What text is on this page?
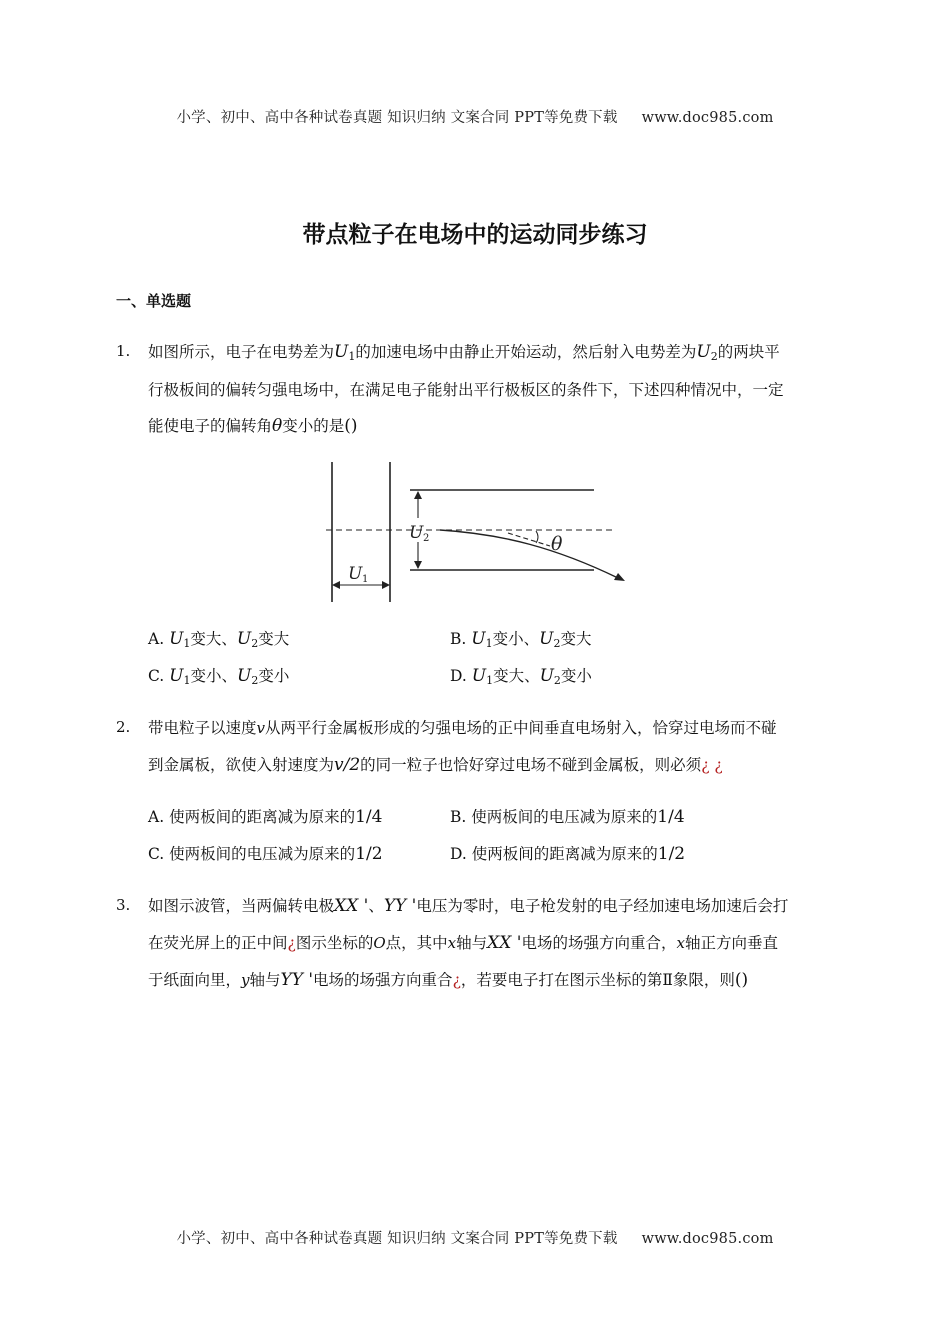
小学、初中、高中各种试卷真题 知识归纳 文案合同 PPT等免费下载 www.doc985.com
带点粒子在电场中的运动同步练习
一、单选题
1. 如图所示，电子在电势差为$U_1$的加速电场中由静止开始运动，然后射入电势差为$U_2$的两块平
行极板间的偏转匀强电场中，在满足电子能射出平行极板区的条件下，下述四种情况中，一定
能使电子的偏转角θ变小的是()
U 2	θ
U 1
A. $U_1$变大、$U_2$变大	B. $U_1$变小、$U_2$变大
C. $U_1$变小、$U_2$变小	D. $U_1$变大、$U_2$变小
2. 带电粒子以速度v从两平行金属板形成的匀强电场的正中间垂直电场射入，恰穿过电场而不碰
到金属板，欲使入射速度为v/2的同一粒子也恰好穿过电场不碰到金属板，则必须¿ ¿
A. 使两板间的距离减为原来的1/4	B. 使两板间的电压减为原来的1/4
C. 使两板间的电压减为原来的1/2	D. 使两板间的距离减为原来的1/2
3. 如图示波管，当两偏转电极XX '、YY '电压为零时，电子枪发射的电子经加速电场加速后会打
在荧光屏上的正中间¿图示坐标的O点，其中x轴与XX '电场的场强方向重合，x轴正方向垂直
于纸面向里，y轴与YY '电场的场强方向重合¿，若要电子打在图示坐标的第Ⅱ象限，则()
小学、初中、高中各种试卷真题 知识归纳 文案合同 PPT等免费下载 www.doc985.com
